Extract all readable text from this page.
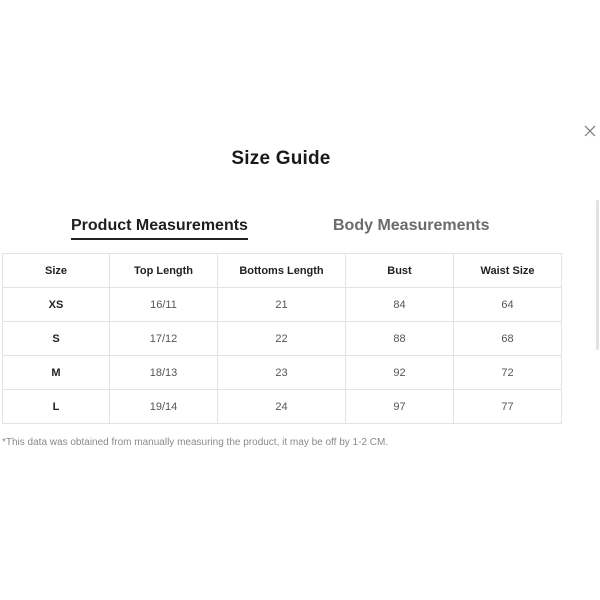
Size Guide
Product Measurements	Body Measurements
Size	Top Length	Bottoms Length	Bust	Waist Size
XS	16/11	21	84	64
S	17/12	22	88	68
M	18/13	23	92	72
L	19/14	24	97	77
*This data was obtained from manually measuring the product, it may be off by 1-2 CM.
